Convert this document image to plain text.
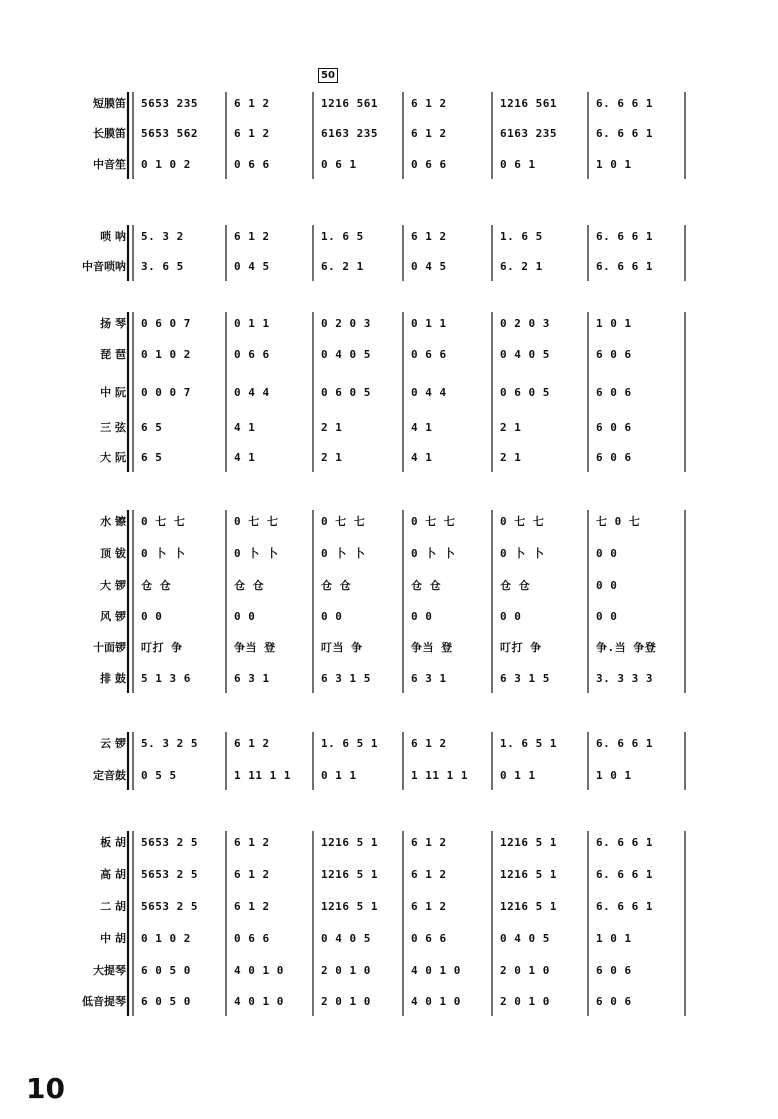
50
10
短膜笛 5653 235	6 1 2	1216 561	6 1 2	1216 561	6. 6 6 1
长膜笛 5653 562	6 1 2	6163 235	6 1 2	6163 235	6. 6 6 1
中音笙 0 1 0 2	0 6 6	0 6 1	0 6 6	0 6 1	1 0 1
唢 呐 5. 3 2	6 1 2	1. 6 5	6 1 2	1. 6 5	6. 6 6 1
中音唢呐 3. 6 5	0 4 5	6. 2 1	0 4 5	6. 2 1	6. 6 6 1
扬 琴 0 6 0 7	0 1 1	0 2 0 3	0 1 1	0 2 0 3	1 0 1
琵 琶 0 1 0 2	0 6 6	0 4 0 5	0 6 6	0 4 0 5	6 0 6
中 阮 0 0 0 7	0 4 4	0 6 0 5	0 4 4	0 6 0 5	6 0 6
三 弦 6 5	4 1	2 1	4 1	2 1	6 0 6
大 阮 6 5	4 1	2 1	4 1	2 1	6 0 6
水 镲 0 七 七	0 七 七	0 七 七	0 七 七	0 七 七	七 0 七
顶 钹 0 卜 卜	0 卜 卜	0 卜 卜	0 卜 卜	0 卜 卜	0 0
大 锣 仓 仓	仓 仓	仓 仓	仓 仓	仓 仓	0 0
风 锣 0 0	0 0	0 0	0 0	0 0	0 0
十面锣 叮打 争	争当 登	叮当 争	争当 登	叮打 争	争.当 争登
排 鼓 5 1 3 6	6 3 1	6 3 1 5	6 3 1	6 3 1 5	3. 3 3 3
云 锣 5. 3 2 5	6 1 2	1. 6 5 1	6 1 2	1. 6 5 1	6. 6 6 1
定音鼓 0 5 5	1 11 1 1	0 1 1	1 11 1 1	0 1 1	1 0 1
板 胡 5653 2 5	6 1 2	1216 5 1	6 1 2	1216 5 1	6. 6 6 1
高 胡 5653 2 5	6 1 2	1216 5 1	6 1 2	1216 5 1	6. 6 6 1
二 胡 5653 2 5	6 1 2	1216 5 1	6 1 2	1216 5 1	6. 6 6 1
中 胡 0 1 0 2	0 6 6	0 4 0 5	0 6 6	0 4 0 5	1 0 1
大提琴 6 0 5 0	4 0 1 0	2 0 1 0	4 0 1 0	2 0 1 0	6 0 6
低音提琴 6 0 5 0	4 0 1 0	2 0 1 0	4 0 1 0	2 0 1 0	6 0 6
